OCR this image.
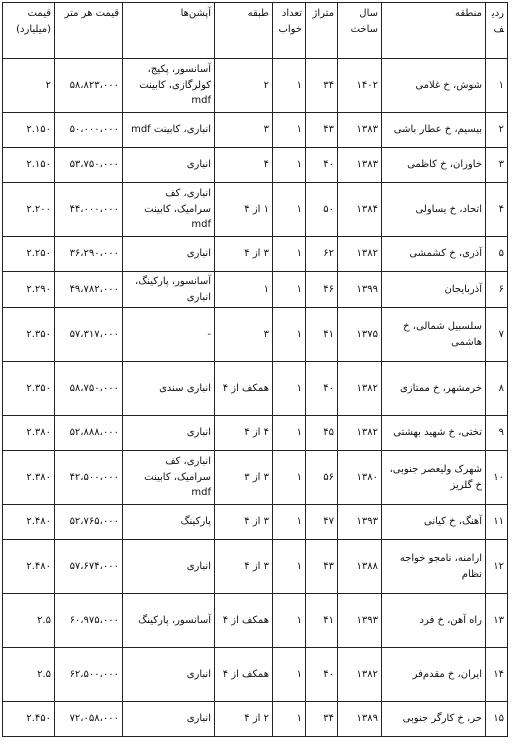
ردیف	منطقه	سال ساخت	متراژ	تعداد خواب	طبقه	آپشن‌ها	قیمت هر متر	قیمت (میلیارد)
۱	شوش، خ غلامی	۱۴۰۲	۳۴	۱	۲	آسانسور، پکیج، کولرگازی، کابینت mdf	۵۸،۸۲۳،۰۰۰	۲
۲	بیسیم، خ عطار باشی	۱۳۸۳	۴۳	۱	۳	انباری، کابینت mdf	۵۰،۰۰۰،۰۰۰	۲.۱۵۰
۳	خاوران، خ کاظمی	۱۳۸۳	۴۰	۱	۴	انباری	۵۳،۷۵۰،۰۰۰	۲.۱۵۰
۴	اتحاد، خ یساولی	۱۳۸۴	۵۰	۱	۱ از ۴	انباری، کف سرامیک، کابینت mdf	۴۴،۰۰۰،۰۰۰	۲.۲۰۰
۵	آذری، خ کشمشی	۱۳۸۲	۶۲	۱	۳ از ۴	انباری	۳۶،۲۹۰،۰۰۰	۲.۲۵۰
۶	آذربایجان	۱۳۹۹	۴۶	۱	۱	آسانسور، پارکینگ، انباری	۴۹،۷۸۲،۰۰۰	۲.۲۹۰
۷	سلسبیل شمالی، خ هاشمی	۱۳۷۵	۴۱	۱	۳	-	۵۷،۳۱۷،۰۰۰	۲.۳۵۰
۸	خرمشهر، خ ممتازی	۱۳۸۲	۴۰	۱	همکف از ۴	انباری سندی	۵۸،۷۵۰،۰۰۰	۲.۳۵۰
۹	تختی، خ شهید بهشتی	۱۳۸۲	۴۵	۱	۴ از ۴	انباری	۵۲،۸۸۸،۰۰۰	۲.۳۸۰
۱۰	شهرک ولیعصر جنوبی، خ گلریز	۱۳۸۰	۵۶	۱	۳ از ۳	انباری، کف سرامیک، کابینت mdf	۴۲،۵۰۰،۰۰۰	۲.۳۸۰
۱۱	آهنگ، خ کیانی	۱۳۹۳	۴۷	۱	۳ از ۴	پارکینگ	۵۲،۷۶۵،۰۰۰	۲.۴۸۰
۱۲	ارامنه، نامجو خواجه نظام	۱۳۸۸	۴۳	۱	۳ از ۴	انباری	۵۷،۶۷۴،۰۰۰	۲.۴۸۰
۱۳	راه آهن، خ فرد	۱۳۹۳	۴۱	۱	همکف از ۴	آسانسور، پارکینگ	۶۰،۹۷۵،۰۰۰	۲.۵
۱۴	ایران، خ مقدم‌فر	۱۳۸۲	۴۰	۱	همکف از ۴	انباری	۶۲،۵۰۰،۰۰۰	۲.۵
۱۵	حر، خ کارگر جنوبی	۱۳۸۹	۳۴	۱	۲ از ۴	انباری	۷۲،۰۵۸،۰۰۰	۲.۴۵۰
